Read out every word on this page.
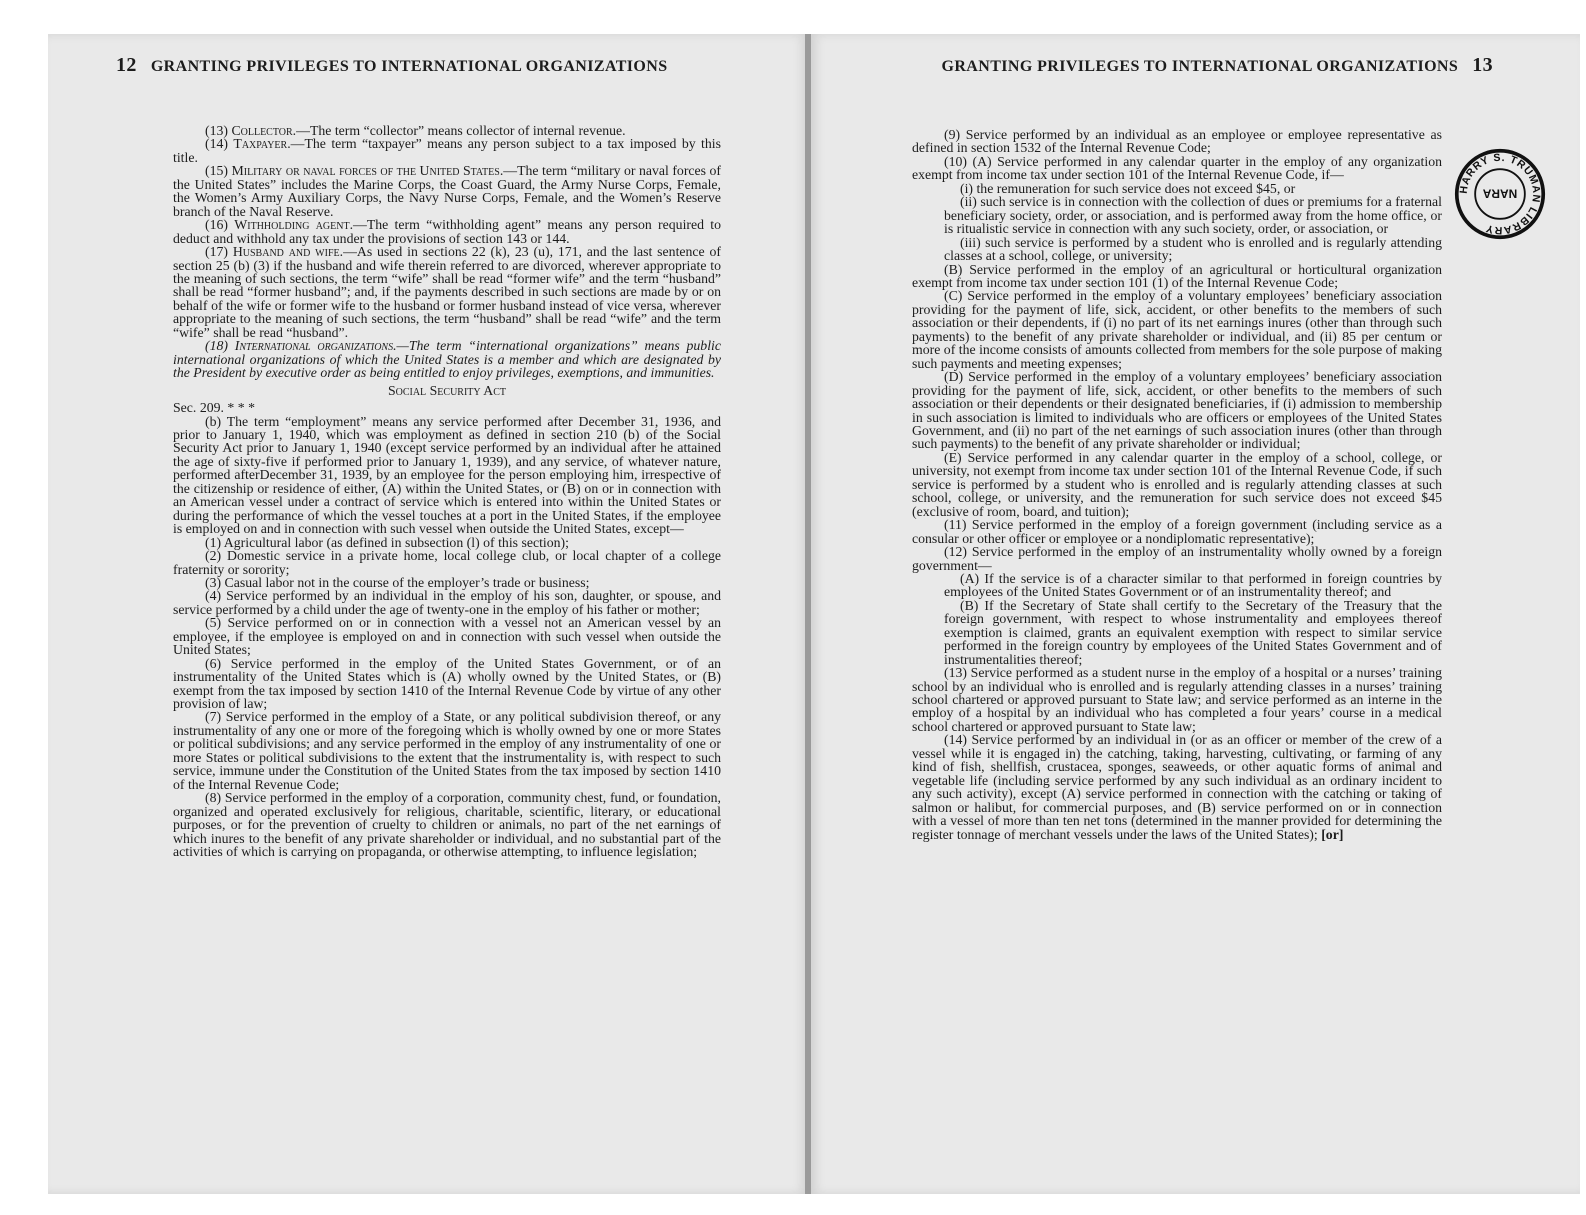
12 GRANTING PRIVILEGES TO INTERNATIONAL ORGANIZATIONS	GRANTING PRIVILEGES TO INTERNATIONAL ORGANIZATIONS 13

(13) Collector.—The term “collector” means collector of internal revenue.

(14) Taxpayer.—The term “taxpayer” means any person subject to a tax imposed by this title.

(15) Military or naval forces of the United States.—The term “military or naval forces of the United States” includes the Marine Corps, the Coast Guard, the Army Nurse Corps, Female, the Women’s Army Auxiliary Corps, the Navy Nurse Corps, Female, and the Women’s Reserve branch of the Naval Reserve.

(16) Withholding agent.—The term “withholding agent” means any person required to deduct and withhold any tax under the provisions of section 143 or 144.

(17) Husband and wife.—As used in sections 22 (k), 23 (u), 171, and the last sentence of section 25 (b) (3) if the husband and wife therein referred to are divorced, wherever appropriate to the meaning of such sections, the term “wife” shall be read “former wife” and the term “husband” shall be read “former husband”; and, if the payments described in such sections are made by or on behalf of the wife or former wife to the husband or former husband instead of vice versa, wherever appropriate to the meaning of such sections, the term “husband” shall be read “wife” and the term “wife” shall be read “husband”.

(18) International organizations.—The term “international organizations” means public international organizations of which the United States is a member and which are designated by the President by executive order as being entitled to enjoy privileges, exemptions, and immunities.

Social Security Act

Sec. 209. * * *

(b) The term “employment” means any service performed after December 31, 1936, and prior to January 1, 1940, which was employment as defined in section 210 (b) of the Social Security Act prior to January 1, 1940 (except service performed by an individual after he attained the age of sixty-five if performed prior to January 1, 1939), and any service, of whatever nature, performed afterDecember 31, 1939, by an employee for the person employing him, irrespective of the citizenship or residence of either, (A) within the United States, or (B) on or in connection with an American vessel under a contract of service which is entered into within the United States or during the performance of which the vessel touches at a port in the United States, if the employee is employed on and in connection with such vessel when outside the United States, except—

(1) Agricultural labor (as defined in subsection (l) of this section);

(2) Domestic service in a private home, local college club, or local chapter of a college fraternity or sorority;

(3) Casual labor not in the course of the employer’s trade or business;

(4) Service performed by an individual in the employ of his son, daughter, or spouse, and service performed by a child under the age of twenty-one in the employ of his father or mother;

(5) Service performed on or in connection with a vessel not an American vessel by an employee, if the employee is employed on and in connection with such vessel when outside the United States;

(6) Service performed in the employ of the United States Government, or of an instrumentality of the United States which is (A) wholly owned by the United States, or (B) exempt from the tax imposed by section 1410 of the Internal Revenue Code by virtue of any other provision of law;

(7) Service performed in the employ of a State, or any political subdivision thereof, or any instrumentality of any one or more of the foregoing which is wholly owned by one or more States or political subdivisions; and any service performed in the employ of any instrumentality of one or more States or political subdivisions to the extent that the instrumentality is, with respect to such service, immune under the Constitution of the United States from the tax imposed by section 1410 of the Internal Revenue Code;

(8) Service performed in the employ of a corporation, community chest, fund, or foundation, organized and operated exclusively for religious, charitable, scientific, literary, or educational purposes, or for the prevention of cruelty to children or animals, no part of the net earnings of which inures to the benefit of any private shareholder or individual, and no substantial part of the activities of which is carrying on propaganda, or otherwise attempting, to influence legislation;

(9) Service performed by an individual as an employee or employee representative as defined in section 1532 of the Internal Revenue Code;

(10) (A) Service performed in any calendar quarter in the employ of any organization exempt from income tax under section 101 of the Internal Revenue Code, if—

(i) the remuneration for such service does not exceed $45, or

(ii) such service is in connection with the collection of dues or premiums for a fraternal beneficiary society, order, or association, and is performed away from the home office, or is ritualistic service in connection with any such society, order, or association, or

(iii) such service is performed by a student who is enrolled and is regularly attending classes at a school, college, or university;

(B) Service performed in the employ of an agricultural or horticultural organization exempt from income tax under section 101 (1) of the Internal Revenue Code;

(C) Service performed in the employ of a voluntary employees’ beneficiary association providing for the payment of life, sick, accident, or other benefits to the members of such association or their dependents, if (i) no part of its net earnings inures (other than through such payments) to the benefit of any private shareholder or individual, and (ii) 85 per centum or more of the income consists of amounts collected from members for the sole purpose of making such payments and meeting expenses;

(D) Service performed in the employ of a voluntary employees’ beneficiary association providing for the payment of life, sick, accident, or other benefits to the members of such association or their dependents or their designated beneficiaries, if (i) admission to membership in such association is limited to individuals who are officers or employees of the United States Government, and (ii) no part of the net earnings of such association inures (other than through such payments) to the benefit of any private shareholder or individual;

(E) Service performed in any calendar quarter in the employ of a school, college, or university, not exempt from income tax under section 101 of the Internal Revenue Code, if such service is performed by a student who is enrolled and is regularly attending classes at such school, college, or university, and the remuneration for such service does not exceed $45 (exclusive of room, board, and tuition);

(11) Service performed in the employ of a foreign government (including service as a consular or other officer or employee or a nondiplomatic representative);

(12) Service performed in the employ of an instrumentality wholly owned by a foreign government—

(A) If the service is of a character similar to that performed in foreign countries by employees of the United States Government or of an instrumentality thereof; and

(B) If the Secretary of State shall certify to the Secretary of the Treasury that the foreign government, with respect to whose instrumentality and employees thereof exemption is claimed, grants an equivalent exemption with respect to similar service performed in the foreign country by employees of the United States Government and of instrumentalities thereof;

(13) Service performed as a student nurse in the employ of a hospital or a nurses’ training school by an individual who is enrolled and is regularly attending classes in a nurses’ training school chartered or approved pursuant to State law; and service performed as an interne in the employ of a hospital by an individual who has completed a four years’ course in a medical school chartered or approved pursuant to State law;

(14) Service performed by an individual in (or as an officer or member of the crew of a vessel while it is engaged in) the catching, taking, harvesting, cultivating, or farming of any kind of fish, shellfish, crustacea, sponges, seaweeds, or other aquatic forms of animal and vegetable life (including service performed by any such individual as an ordinary incident to any such activity), except (A) service performed in connection with the catching or taking of salmon or halibut, for commercial purposes, and (B) service performed on or in connection with a vessel of more than ten net tons (determined in the manner provided for determining the register tonnage of merchant vessels under the laws of the United States); [or]

HARRY S. TRUMAN LIBRARY
NARA
